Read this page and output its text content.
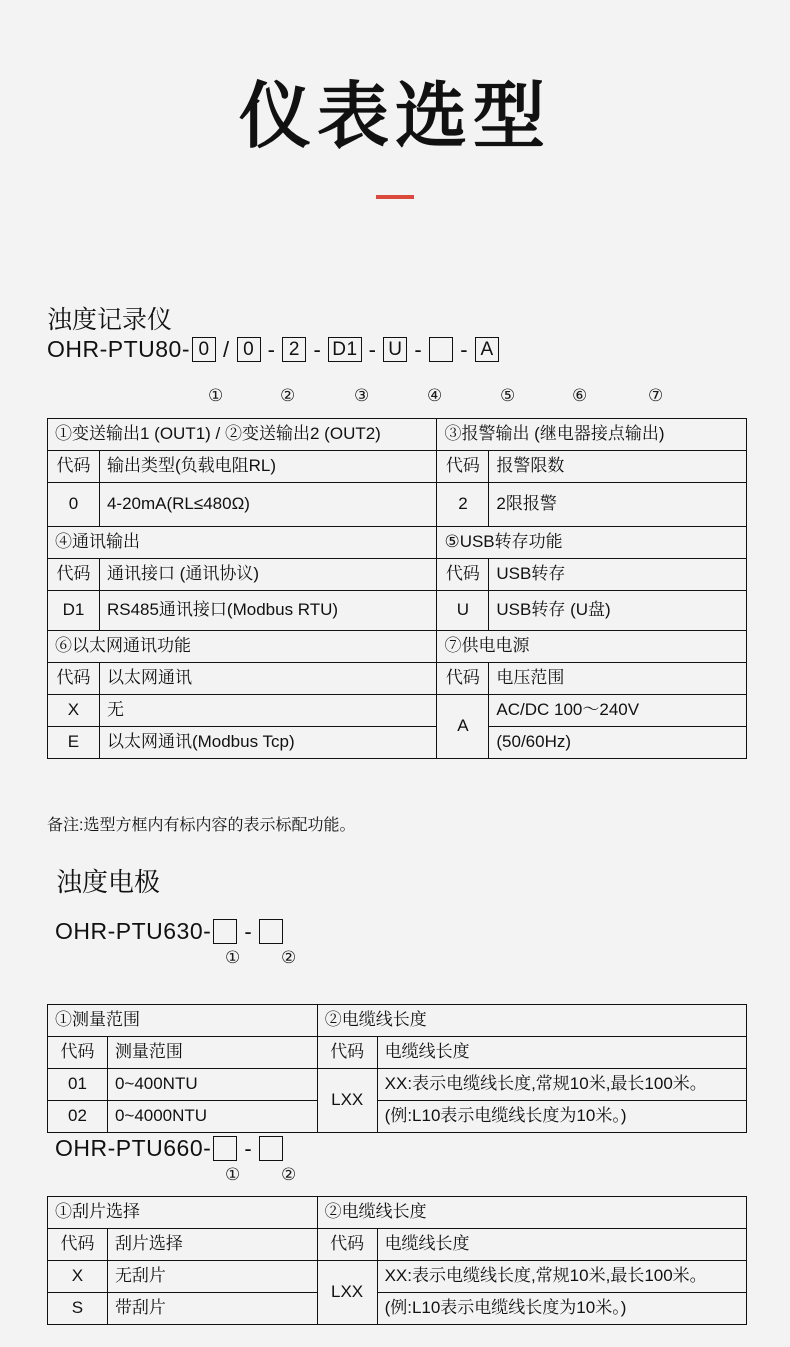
仪表选型
浊度记录仪
OHR-PTU80- 0 / 0 - 2 - D1 - U - - A
①	②	③	④	⑤	⑥	⑦
①变送输出1 (OUT1) / ②变送输出2 (OUT2)		③报警输出 (继电器接点输出)	
代码	输出类型(负载电阻RL)	代码	报警限数
0	4-20mA(RL≤480Ω)	2	2限报警
④通讯输出		⑤USB转存功能	
代码	通讯接口 (通讯协议)	代码	USB转存
D1	RS485通讯接口(Modbus RTU)	U	USB转存 (U盘)
⑥以太网通讯功能		⑦供电电源	
代码	以太网通讯	代码	电压范围
X	无	A	AC/DC 100～240V
E	以太网通讯(Modbus Tcp)		(50/60Hz)
备注:选型方框内有标内容的表示标配功能。
浊度电极
OHR-PTU630- -
① ②
①测量范围		②电缆线长度	
代码	测量范围	代码	电缆线长度
01	0~400NTU	LXX	XX:表示电缆线长度,常规10米,最长100米。
02	0~4000NTU		(例:L10表示电缆线长度为10米。)
OHR-PTU660- -
① ②
①刮片选择		②电缆线长度	
代码	刮片选择	代码	电缆线长度
X	无刮片	LXX	XX:表示电缆线长度,常规10米,最长100米。
S	带刮片		(例:L10表示电缆线长度为10米。)
